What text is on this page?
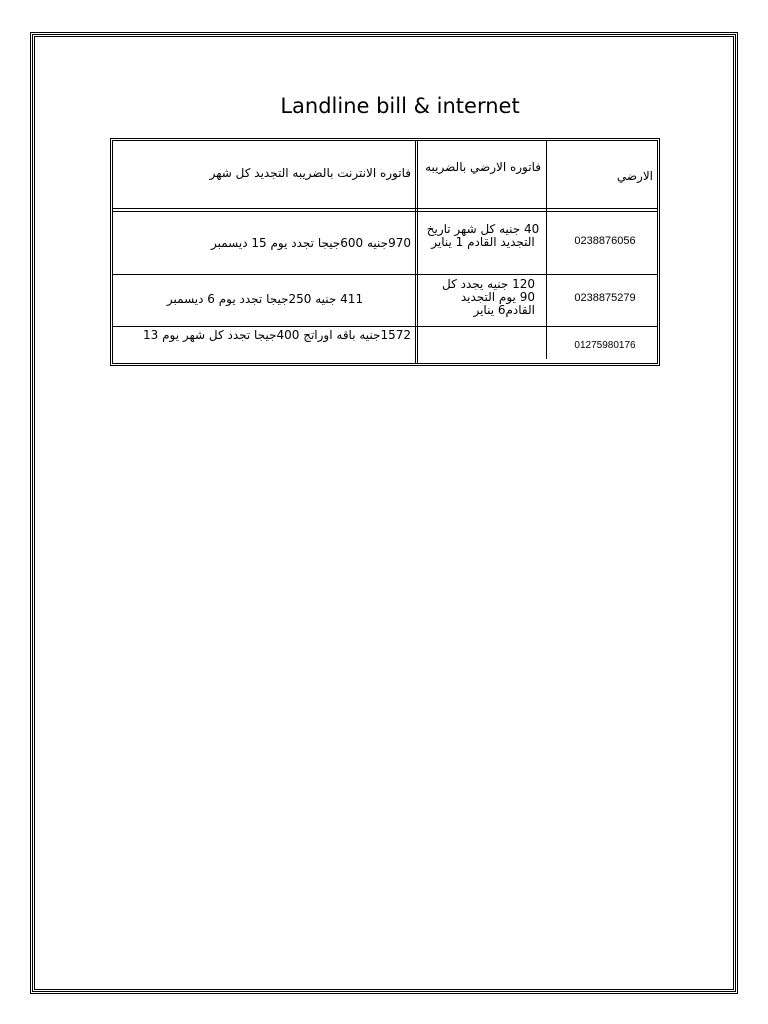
Landline bill & internet
الارضي
فاتوره الارضي بالضريبه
فاتوره الانترنت بالضريبه التجديد كل شهر
0238876056
40 جنيه كل شهر تاريخ التجديد القادم 1 يناير
970جنيه 600جيجا تجدد يوم 15 ديسمبر
0238875279
120 جنيه يجدد كل 90 يوم التجديد القادم6 يناير
411 جنيه 250جيجا تجدد يوم 6 ديسمبر
01275980176
1572جنيه باقه اوراتج 400جيجا تجدد كل شهر يوم 13
